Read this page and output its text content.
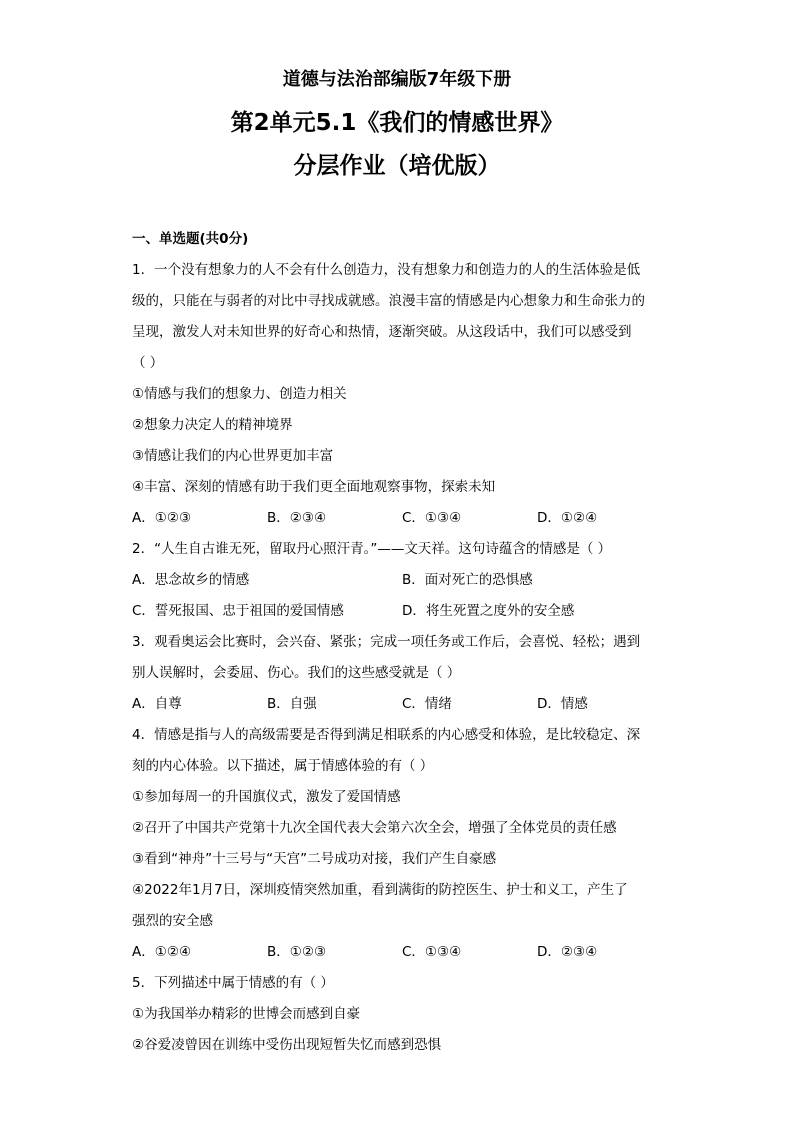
道德与法治部编版7年级下册
第2单元5.1《我们的情感世界》
分层作业（培优版）
一、单选题(共0分)
1．一个没有想象力的人不会有什么创造力，没有想象力和创造力的人的生活体验是低
级的，只能在与弱者的对比中寻找成就感。浪漫丰富的情感是内心想象力和生命张力的
呈现，激发人对未知世界的好奇心和热情，逐渐突破。从这段话中，我们可以感受到
（ ）
①情感与我们的想象力、创造力相关
②想象力决定人的精神境界
③情感让我们的内心世界更加丰富
④丰富、深刻的情感有助于我们更全面地观察事物，探索未知
A．①②③	B．②③④	C．①③④	D．①②④
2．“人生自古谁无死，留取丹心照汗青。”——文天祥。这句诗蕴含的情感是（ ）
A．思念故乡的情感	B．面对死亡的恐惧感
C．誓死报国、忠于祖国的爱国情感	D．将生死置之度外的安全感
3．观看奥运会比赛时，会兴奋、紧张；完成一项任务或工作后，会喜悦、轻松；遇到
别人误解时，会委屈、伤心。我们的这些感受就是（ ）
A．自尊	B．自强	C．情绪	D．情感
4．情感是指与人的高级需要是否得到满足相联系的内心感受和体验，是比较稳定、深
刻的内心体验。以下描述，属于情感体验的有（ ）
①参加每周一的升国旗仪式，激发了爱国情感
②召开了中国共产党第十九次全国代表大会第六次全会，增强了全体党员的责任感
③看到“神舟”十三号与“天宫”二号成功对接，我们产生自豪感
④2022年1月7日，深圳疫情突然加重，看到满街的防控医生、护士和义工，产生了
强烈的安全感
A．①②④	B．①②③	C．①③④	D．②③④
5．下列描述中属于情感的有（ ）
①为我国举办精彩的世博会而感到自豪
②谷爱凌曾因在训练中受伤出现短暂失忆而感到恐惧
